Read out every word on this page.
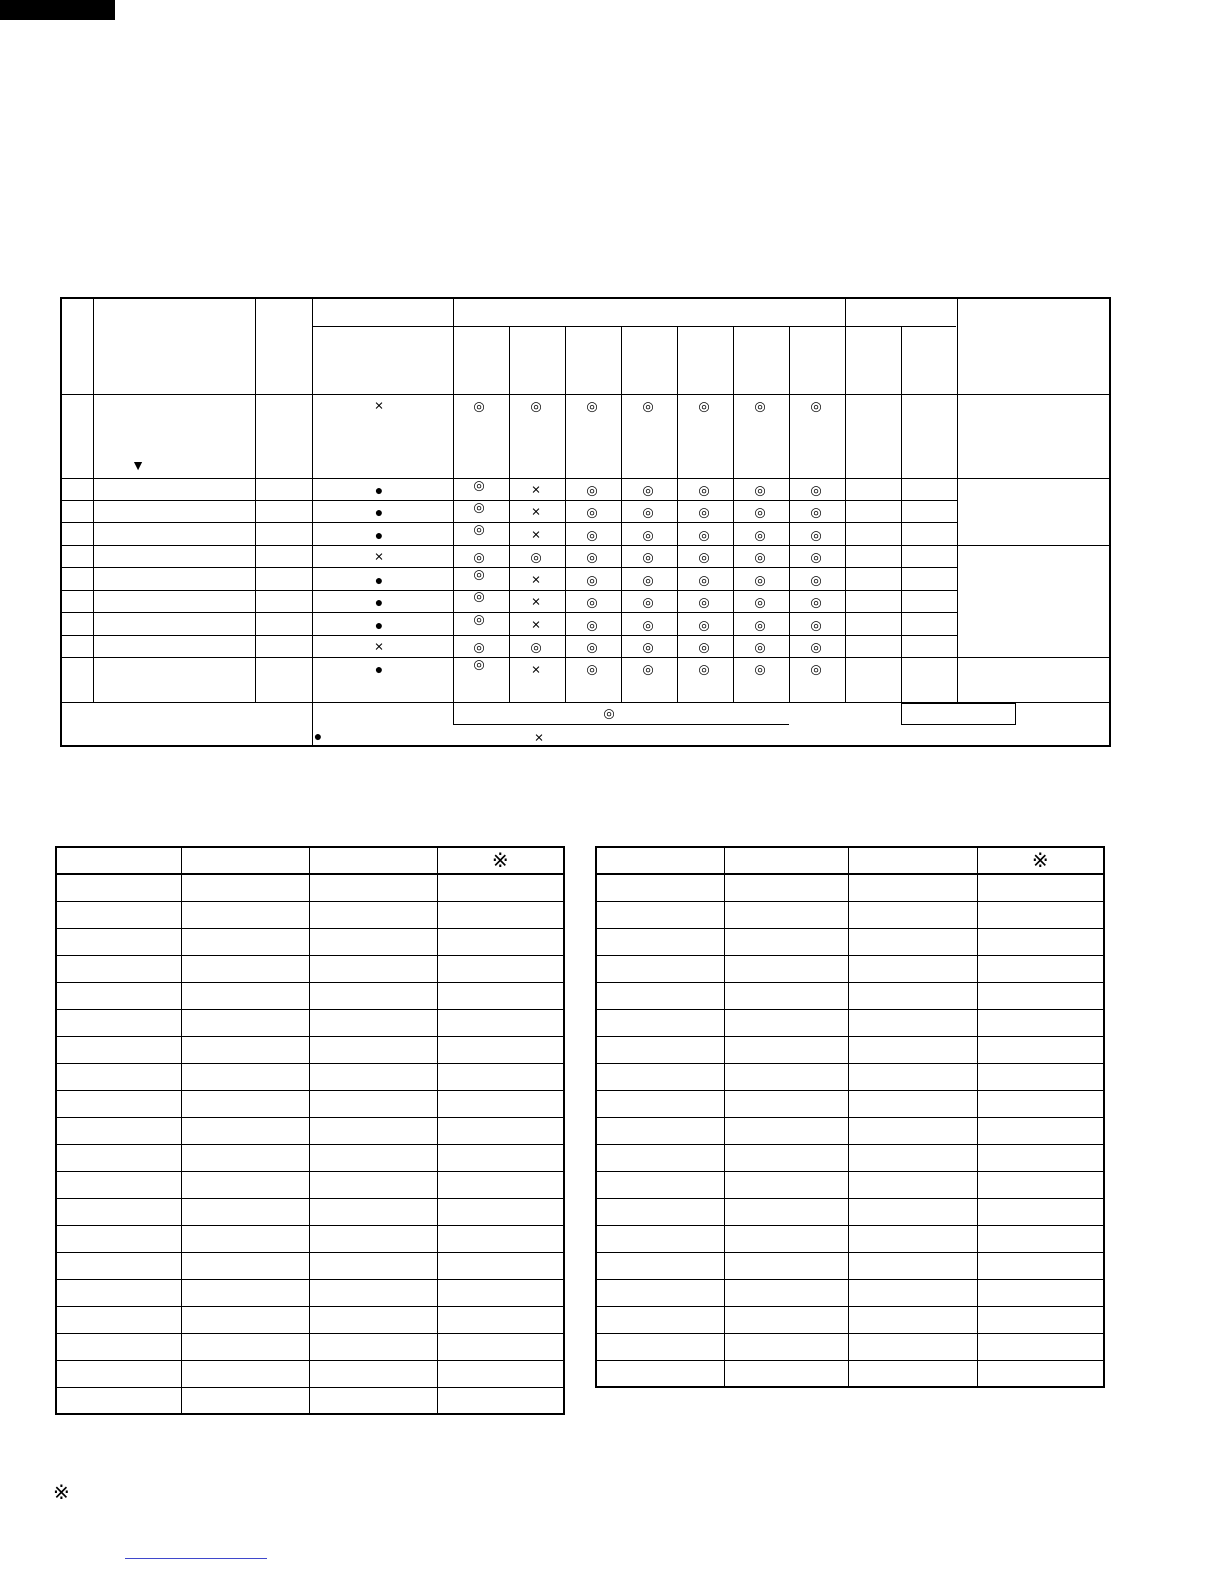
▼
×	◎	◎	◎	◎	◎	◎	◎
●	◎	×	◎	◎	◎	◎	◎
●	◎	×	◎	◎	◎	◎	◎
●	◎	×	◎	◎	◎	◎	◎
×	◎	◎	◎	◎	◎	◎	◎
●	◎	×	◎	◎	◎	◎	◎
●	◎	×	◎	◎	◎	◎	◎
●	◎	×	◎	◎	◎	◎	◎
×	◎	◎	◎	◎	◎	◎	◎
●	◎	×	◎	◎	◎	◎	◎
◎
●	×
			※

				※

※
